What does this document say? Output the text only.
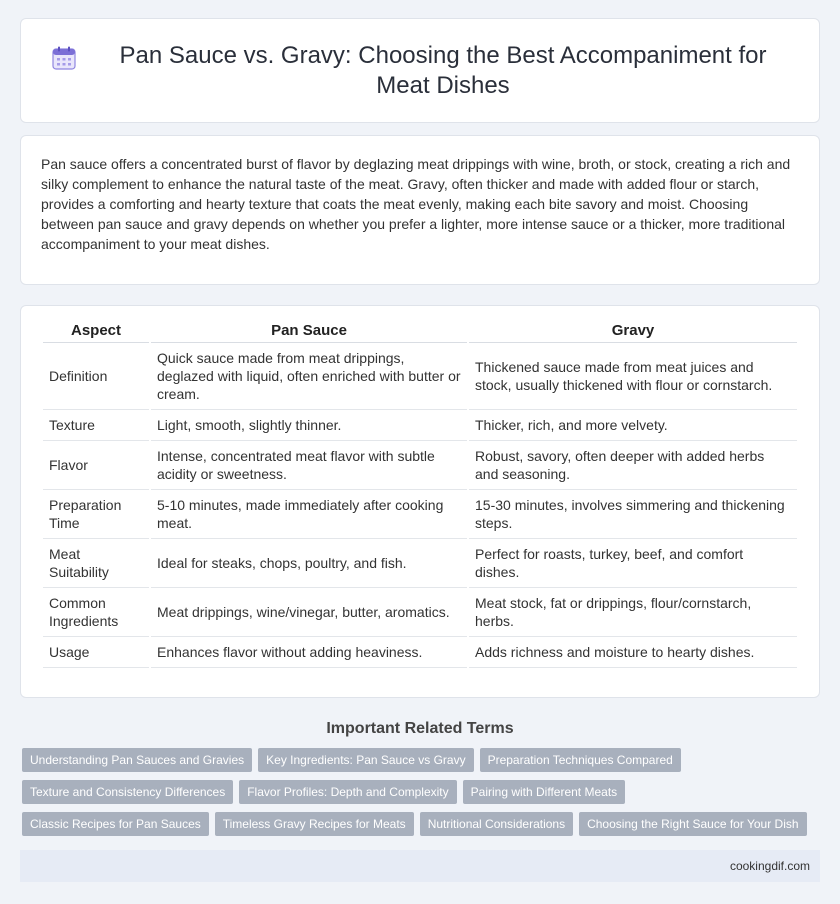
Pan Sauce vs. Gravy: Choosing the Best Accompaniment for Meat Dishes

Pan sauce offers a concentrated burst of flavor by deglazing meat drippings with wine, broth, or stock, creating a rich and silky complement to enhance the natural taste of the meat. Gravy, often thicker and made with added flour or starch, provides a comforting and hearty texture that coats the meat evenly, making each bite savory and moist. Choosing between pan sauce and gravy depends on whether you prefer a lighter, more intense sauce or a thicker, more traditional accompaniment to your meat dishes.

Aspect	Pan Sauce	Gravy
Definition	Quick sauce made from meat drippings, deglazed with liquid, often enriched with butter or cream.	Thickened sauce made from meat juices and stock, usually thickened with flour or cornstarch.
Texture	Light, smooth, slightly thinner.	Thicker, rich, and more velvety.
Flavor	Intense, concentrated meat flavor with subtle acidity or sweetness.	Robust, savory, often deeper with added herbs and seasoning.
Preparation Time	5-10 minutes, made immediately after cooking meat.	15-30 minutes, involves simmering and thickening steps.
Meat Suitability	Ideal for steaks, chops, poultry, and fish.	Perfect for roasts, turkey, beef, and comfort dishes.
Common Ingredients	Meat drippings, wine/vinegar, butter, aromatics.	Meat stock, fat or drippings, flour/cornstarch, herbs.
Usage	Enhances flavor without adding heaviness.	Adds richness and moisture to hearty dishes.
Important Related Terms
Understanding Pan Sauces and Gravies	Key Ingredients: Pan Sauce vs Gravy	Preparation Techniques Compared
Texture and Consistency Differences	Flavor Profiles: Depth and Complexity	Pairing with Different Meats
Classic Recipes for Pan Sauces	Timeless Gravy Recipes for Meats	Nutritional Considerations	Choosing the Right Sauce for Your Dish
cookingdif.com
